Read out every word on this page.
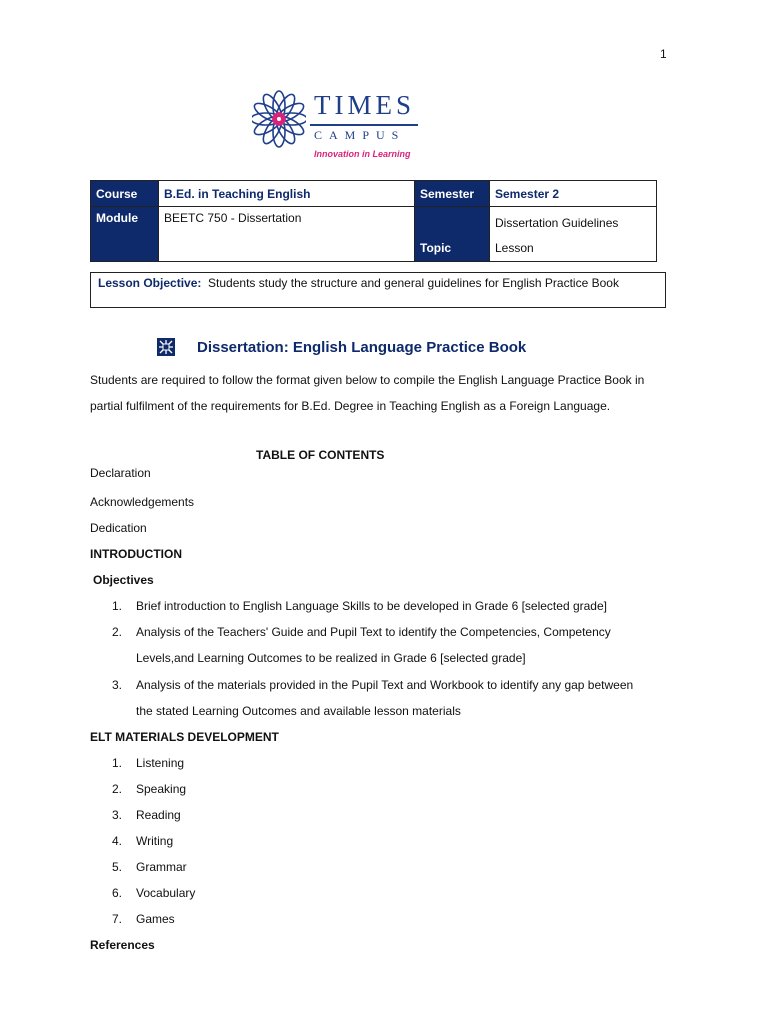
1
TIMES
CAMPUS
Innovation in Learning
Course	B.Ed. in Teaching English	Semester	Semester 2
Module	BEETC 750 - Dissertation	Topic	Dissertation Guidelines
Lesson
Lesson Objective: Students study the structure and general guidelines for English Practice Book
Dissertation: English Language Practice Book

Students are required to follow the format given below to compile the English Language Practice Book in
partial fulfilment of the requirements for B.Ed. Degree in Teaching English as a Foreign Language.

TABLE OF CONTENTS
Declaration
Acknowledgements
Dedication
INTRODUCTION
Objectives
1. Brief introduction to English Language Skills to be developed in Grade 6 [selected grade]
2. Analysis of the Teachers' Guide and Pupil Text to identify the Competencies, Competency
Levels,and Learning Outcomes to be realized in Grade 6 [selected grade]
3. Analysis of the materials provided in the Pupil Text and Workbook to identify any gap between
the stated Learning Outcomes and available lesson materials
ELT MATERIALS DEVELOPMENT
1. Listening
2. Speaking
3. Reading
4. Writing
5. Grammar
6. Vocabulary
7. Games
References
